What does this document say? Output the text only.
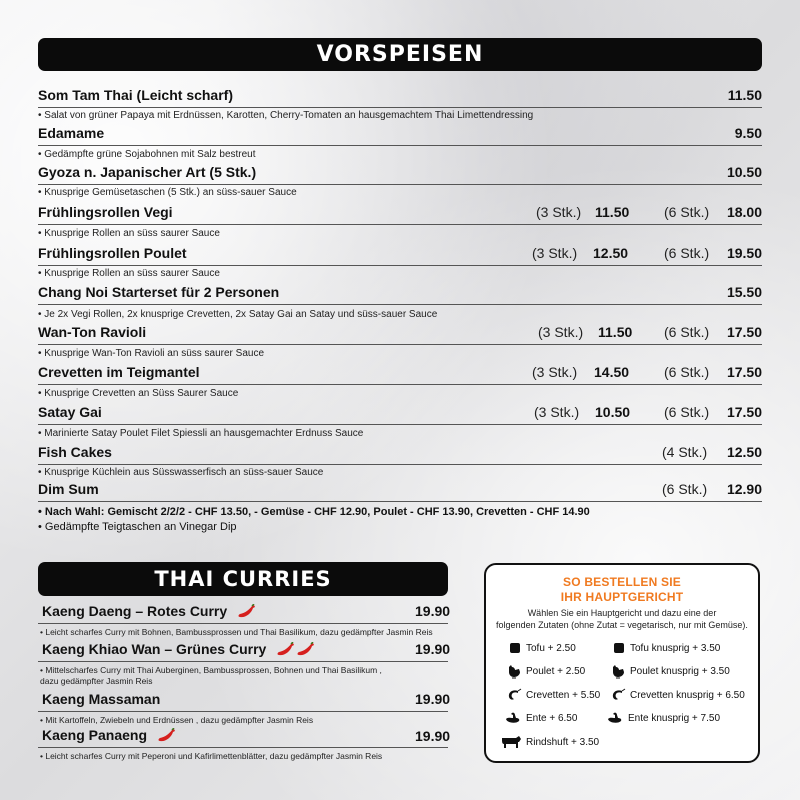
VORSPEISEN
Som Tam Thai (Leicht scharf)	11.50
• Salat von grüner Papaya mit Erdnüssen, Karotten, Cherry-Tomaten an hausgemachtem Thai Limettendressing
Edamame	9.50
• Gedämpfte grüne Sojabohnen mit Salz bestreut
Gyoza n. Japanischer Art (5 Stk.)	10.50
• Knusprige Gemüsetaschen (5 Stk.) an süss-sauer Sauce
Frühlingsrollen Vegi	(3 Stk.) 11.50 (6 Stk.) 18.00
• Knusprige Rollen an süss saurer Sauce
Frühlingsrollen Poulet	(3 Stk.) 12.50	(6 Stk.) 19.50
• Knusprige Rollen an süss saurer Sauce
Chang Noi Starterset für 2 Personen	15.50
• Je 2x Vegi Rollen, 2x knusprige Crevetten, 2x Satay Gai an Satay und süss-sauer Sauce
Wan-Ton Ravioli	(3 Stk.) 11.50 (6 Stk.) 17.50
• Knusprige Wan-Ton Ravioli an süss saurer Sauce
Crevetten im Teigmantel	(3 Stk.) 14.50 (6 Stk.) 17.50
• Knusprige Crevetten an Süss Saurer Sauce
Satay Gai	(3 Stk.) 10.50 (6 Stk.) 17.50
• Marinierte Satay Poulet Filet Spiessli an hausgemachter Erdnuss Sauce
Fish Cakes	(4 Stk.) 12.50
• Knusprige Küchlein aus Süsswasserfisch an süss-sauer Sauce
Dim Sum	(6 Stk.) 12.90
• Nach Wahl: Gemischt 2/2/2 - CHF 13.50, - Gemüse - CHF 12.90, Poulet - CHF 13.90, Crevetten - CHF 14.90
• Gedämpfte Teigtaschen an Vinegar Dip
THAI CURRIES
Kaeng Daeng – Rotes Curry	19.90
• Leicht scharfes Curry mit Bohnen, Bambussprossen und Thai Basilikum, dazu gedämpfter Jasmin Reis
Kaeng Khiao Wan – Grünes Curry	19.90
• Mittelscharfes Curry mit Thai Auberginen, Bambussprossen, Bohnen und Thai Basilikum ,
dazu gedämpfter Jasmin Reis
Kaeng Massaman	19.90
• Mit Kartoffeln, Zwiebeln und Erdnüssen , dazu gedämpfter Jasmin Reis
Kaeng Panaeng	19.90
• Leicht scharfes Curry mit Peperoni und Kafirlimettenblätter, dazu gedämpfter Jasmin Reis
SO BESTELLEN SIE
IHR HAUPTGERICHT
Wählen Sie ein Hauptgericht und dazu eine der
folgenden Zutaten (ohne Zutat = vegetarisch, nur mit Gemüse).
Tofu + 2.50	Tofu knusprig + 3.50
Poulet + 2.50	Poulet knusprig + 3.50
Crevetten + 5.50	Crevetten knusprig + 6.50
Ente + 6.50	Ente knusprig + 7.50
Rindshuft + 3.50
